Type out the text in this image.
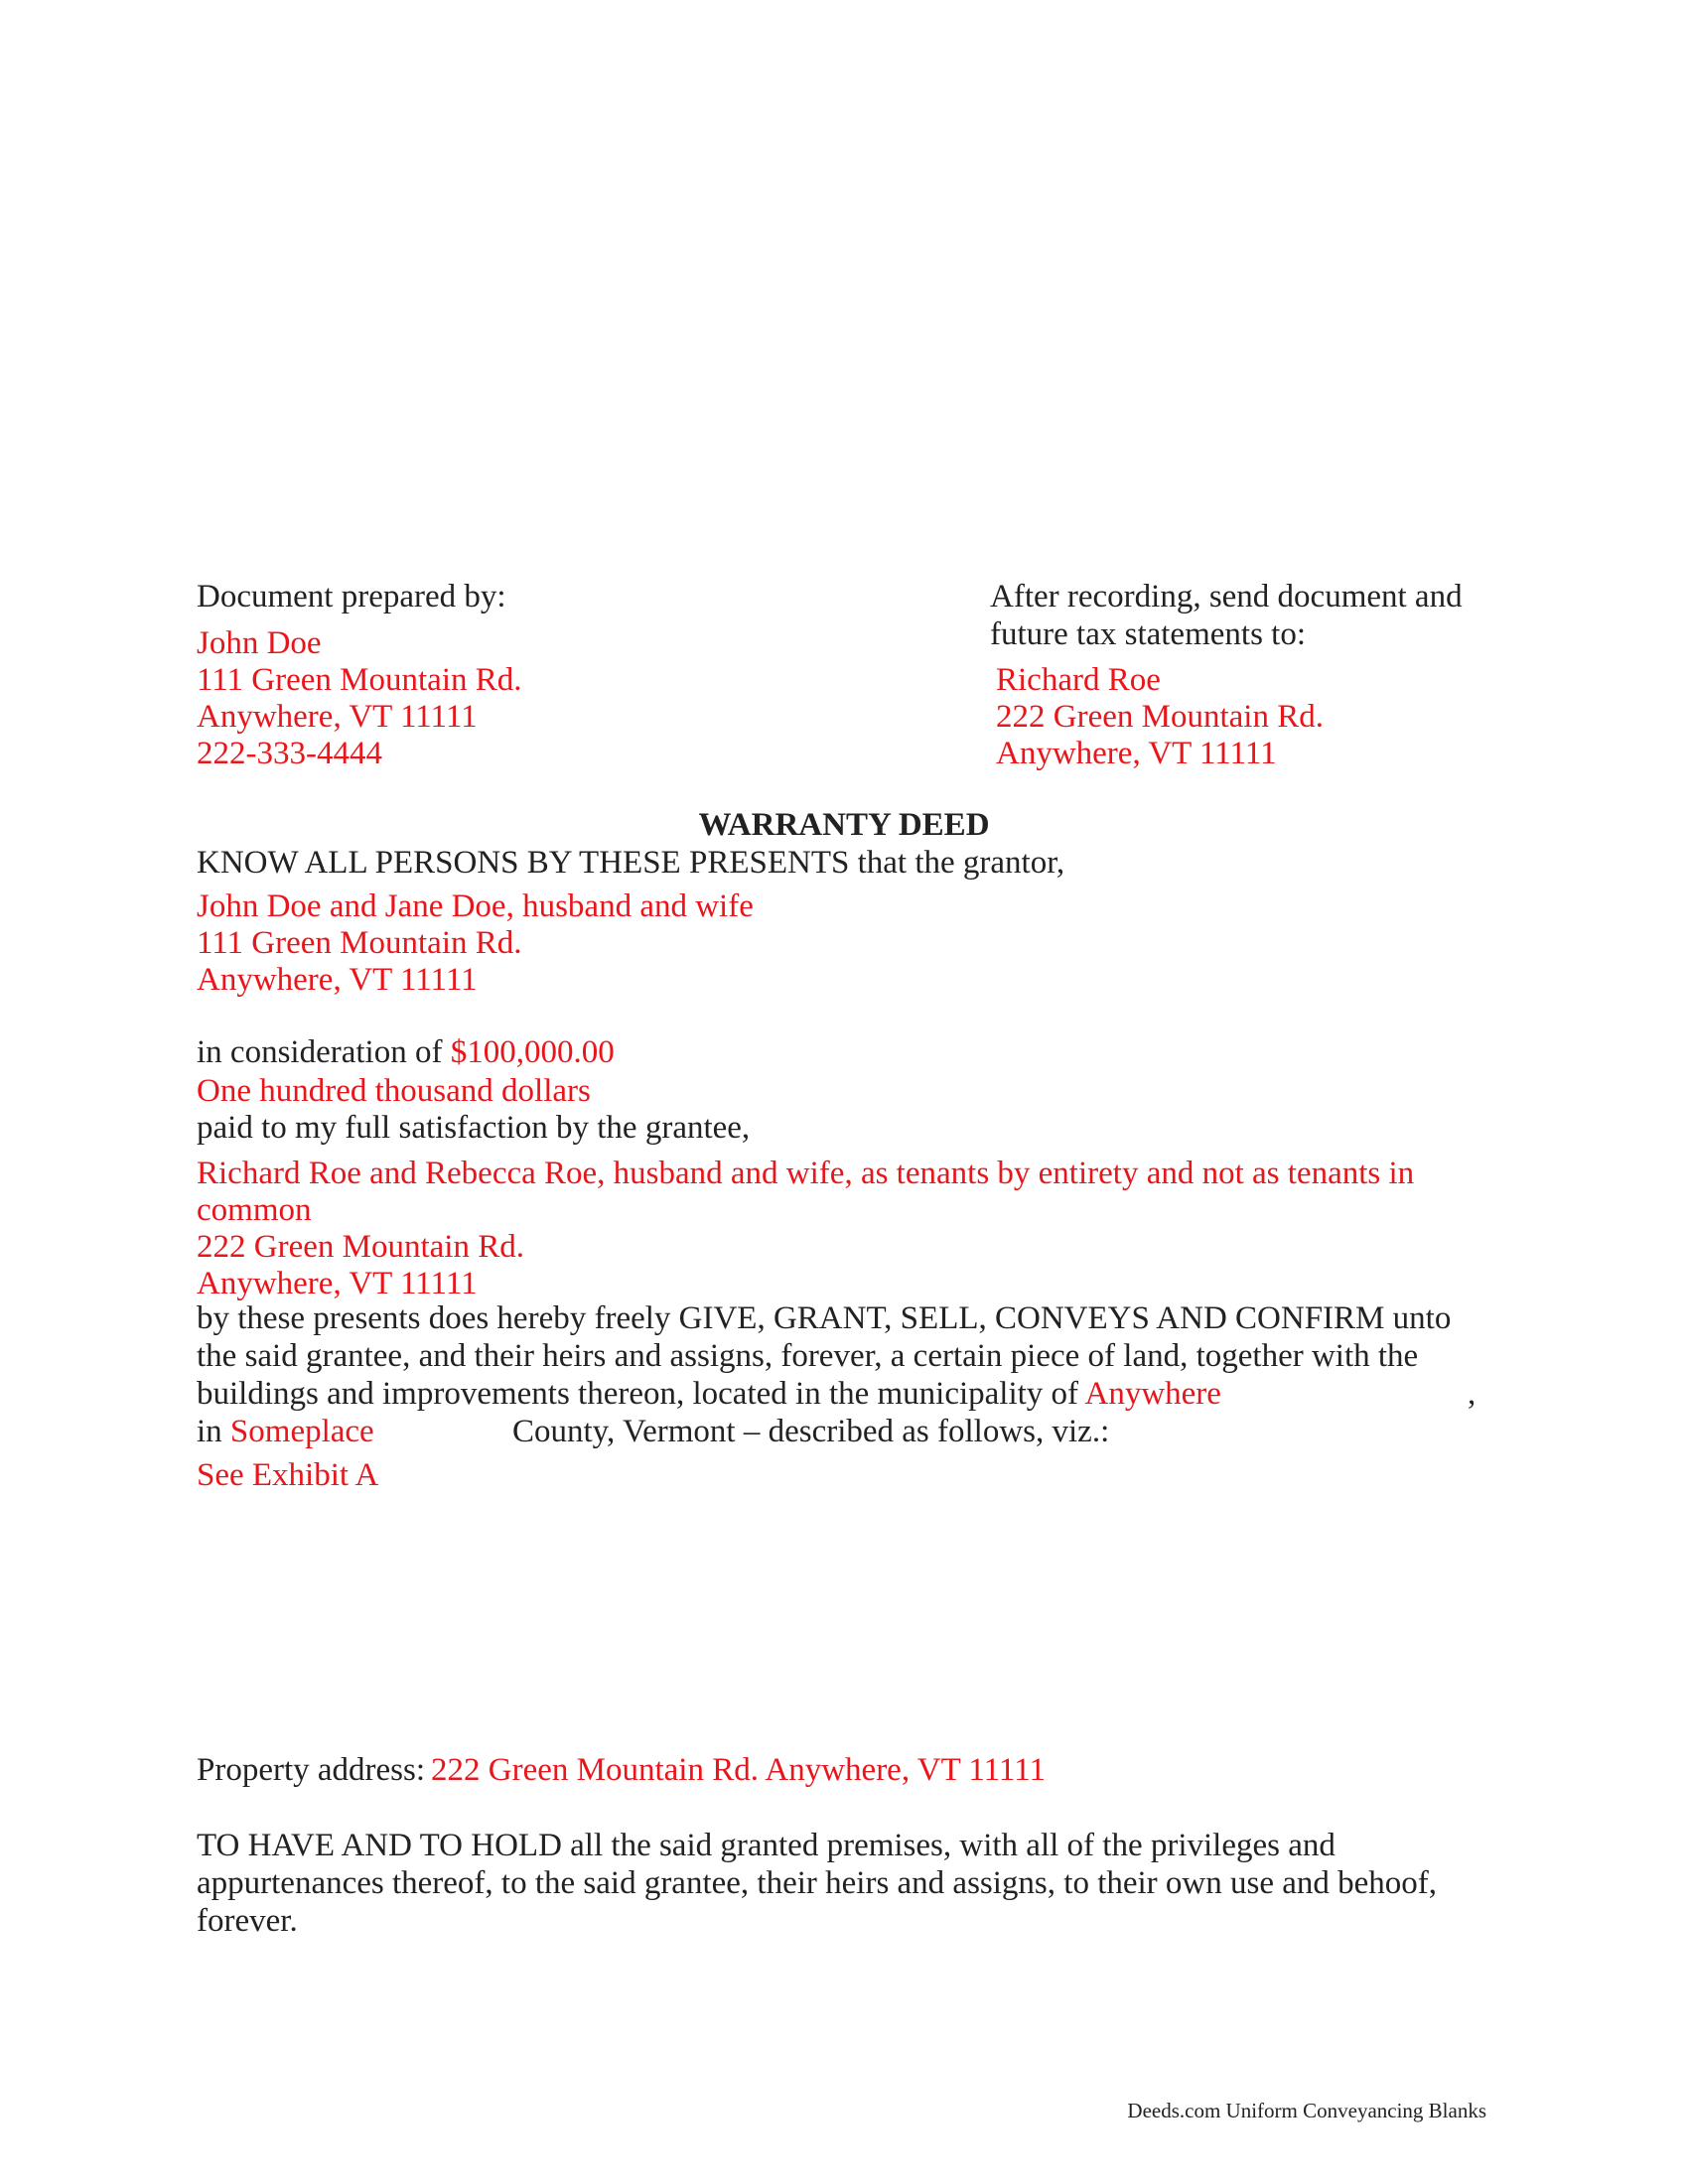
Document prepared by:
John Doe
111 Green Mountain Rd.
Anywhere, VT 11111
222-333-4444
After recording, send document and
future tax statements to:
Richard Roe
222 Green Mountain Rd.
Anywhere, VT 11111
WARRANTY DEED
KNOW ALL PERSONS BY THESE PRESENTS that the grantor,
John Doe and Jane Doe, husband and wife
111 Green Mountain Rd.
Anywhere, VT 11111
in consideration of $100,000.00
One hundred thousand dollars
paid to my full satisfaction by the grantee,
Richard Roe and Rebecca Roe, husband and wife, as tenants by entirety and not as tenants in
common
222 Green Mountain Rd.
Anywhere, VT 11111
by these presents does hereby freely GIVE, GRANT, SELL, CONVEYS AND CONFIRM unto
the said grantee, and their heirs and assigns, forever, a certain piece of land, together with the
buildings and improvements thereon, located in the municipality of Anywhere	,
in Someplace	County, Vermont – described as follows, viz.:
See Exhibit A
Property address: 222 Green Mountain Rd. Anywhere, VT 11111
TO HAVE AND TO HOLD all the said granted premises, with all of the privileges and
appurtenances thereof, to the said grantee, their heirs and assigns, to their own use and behoof,
forever.
Deeds.com Uniform Conveyancing Blanks
